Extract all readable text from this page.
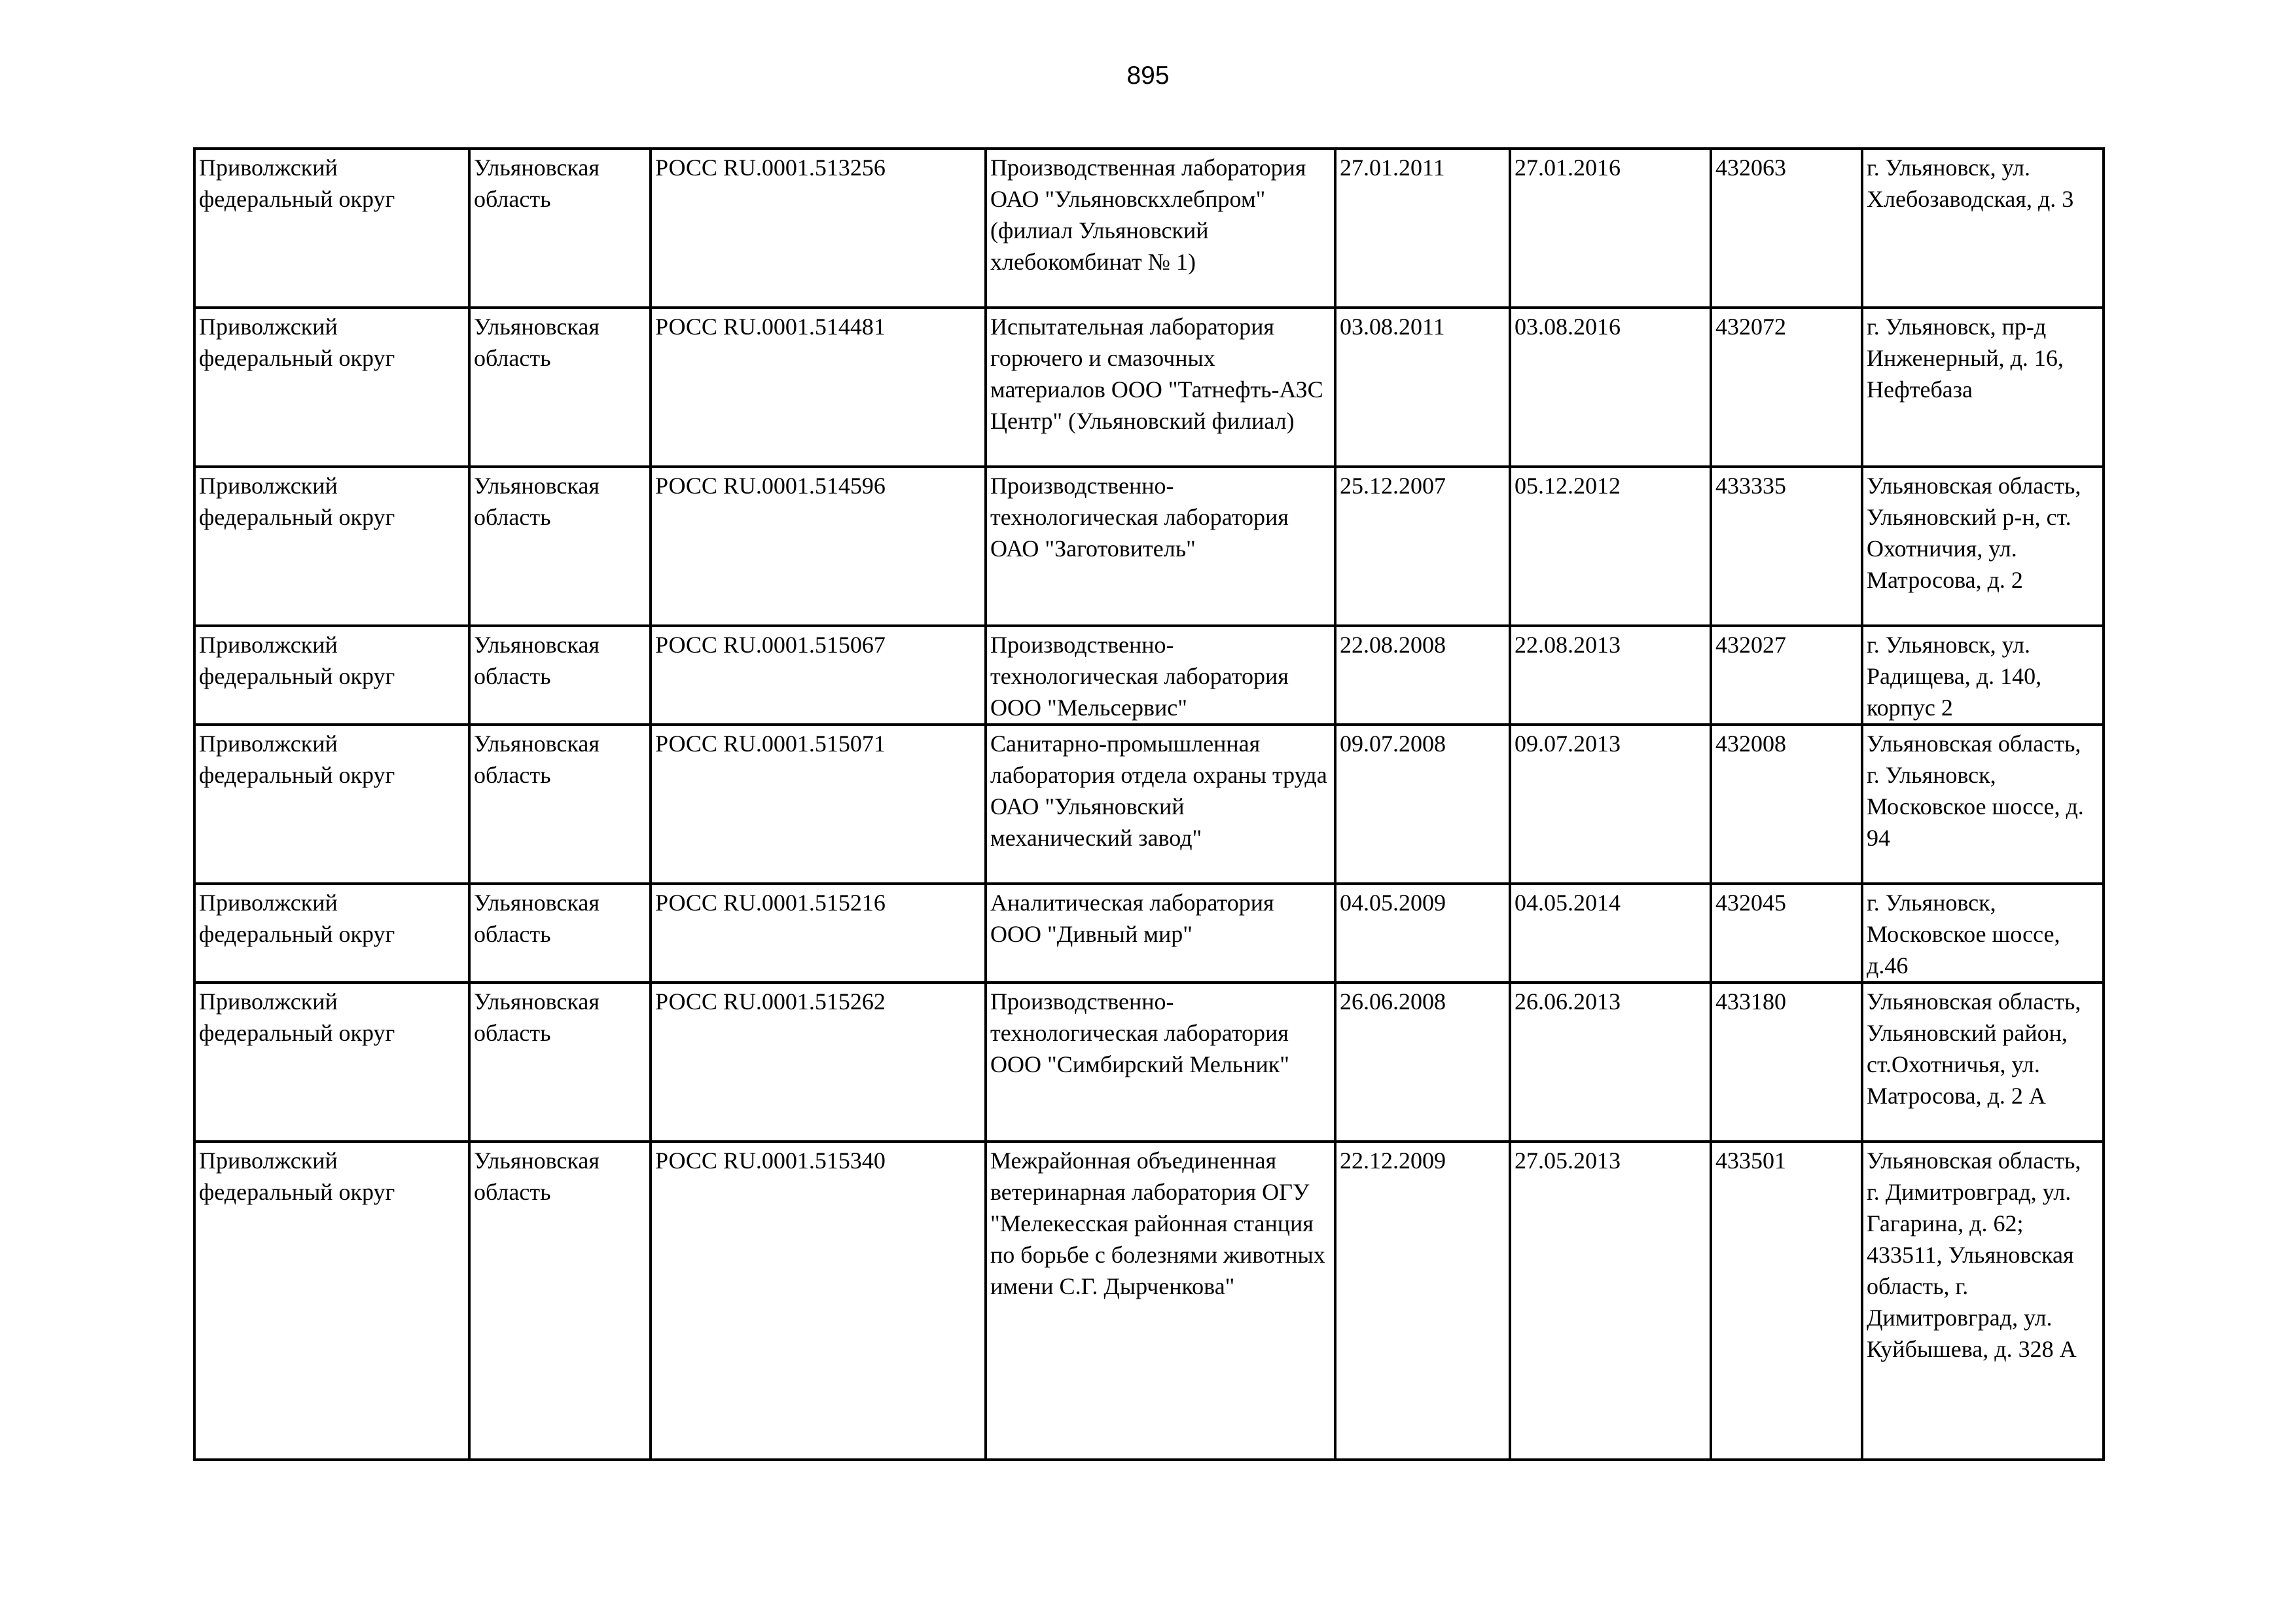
895
Приволжский федеральный округ	Ульяновская область	РОСС RU.0001.513256	Производственная лаборатория ОАО "Ульяновскхлебпром" (филиал Ульяновский хлебокомбинат № 1)	27.01.2011	27.01.2016	432063	г. Ульяновск, ул. Хлебозаводская, д. 3
Приволжский федеральный округ	Ульяновская область	РОСС RU.0001.514481	Испытательная лаборатория горючего и смазочных материалов ООО "Татнефть-АЗС Центр" (Ульяновский филиал)	03.08.2011	03.08.2016	432072	г. Ульяновск, пр-д Инженерный, д. 16, Нефтебаза
Приволжский федеральный округ	Ульяновская область	РОСС RU.0001.514596	Производственно-технологическая лаборатория ОАО "Заготовитель"	25.12.2007	05.12.2012	433335	Ульяновская область, Ульяновский р-н, ст. Охотничия, ул. Матросова, д. 2
Приволжский федеральный округ	Ульяновская область	РОСС RU.0001.515067	Производственно-технологическая лаборатория ООО "Мельсервис"	22.08.2008	22.08.2013	432027	г. Ульяновск, ул. Радищева, д. 140, корпус 2
Приволжский федеральный округ	Ульяновская область	РОСС RU.0001.515071	Санитарно-промышленная лаборатория отдела охраны труда ОАО "Ульяновский механический завод"	09.07.2008	09.07.2013	432008	Ульяновская область, г. Ульяновск, Московское шоссе, д. 94
Приволжский федеральный округ	Ульяновская область	РОСС RU.0001.515216	Аналитическая лаборатория ООО "Дивный мир"	04.05.2009	04.05.2014	432045	г. Ульяновск, Московское шоссе, д.46
Приволжский федеральный округ	Ульяновская область	РОСС RU.0001.515262	Производственно-технологическая лаборатория ООО "Симбирский Мельник"	26.06.2008	26.06.2013	433180	Ульяновская область, Ульяновский район, ст.Охотничья, ул. Матросова, д. 2 А
Приволжский федеральный округ	Ульяновская область	РОСС RU.0001.515340	Межрайонная объединенная ветеринарная лаборатория ОГУ "Мелекесская районная станция по борьбе с болезнями животных имени С.Г. Дырченкова"	22.12.2009	27.05.2013	433501	Ульяновская область, г. Димитровград, ул. Гагарина, д. 62; 433511, Ульяновская область, г. Димитровград, ул. Куйбышева, д. 328 А
